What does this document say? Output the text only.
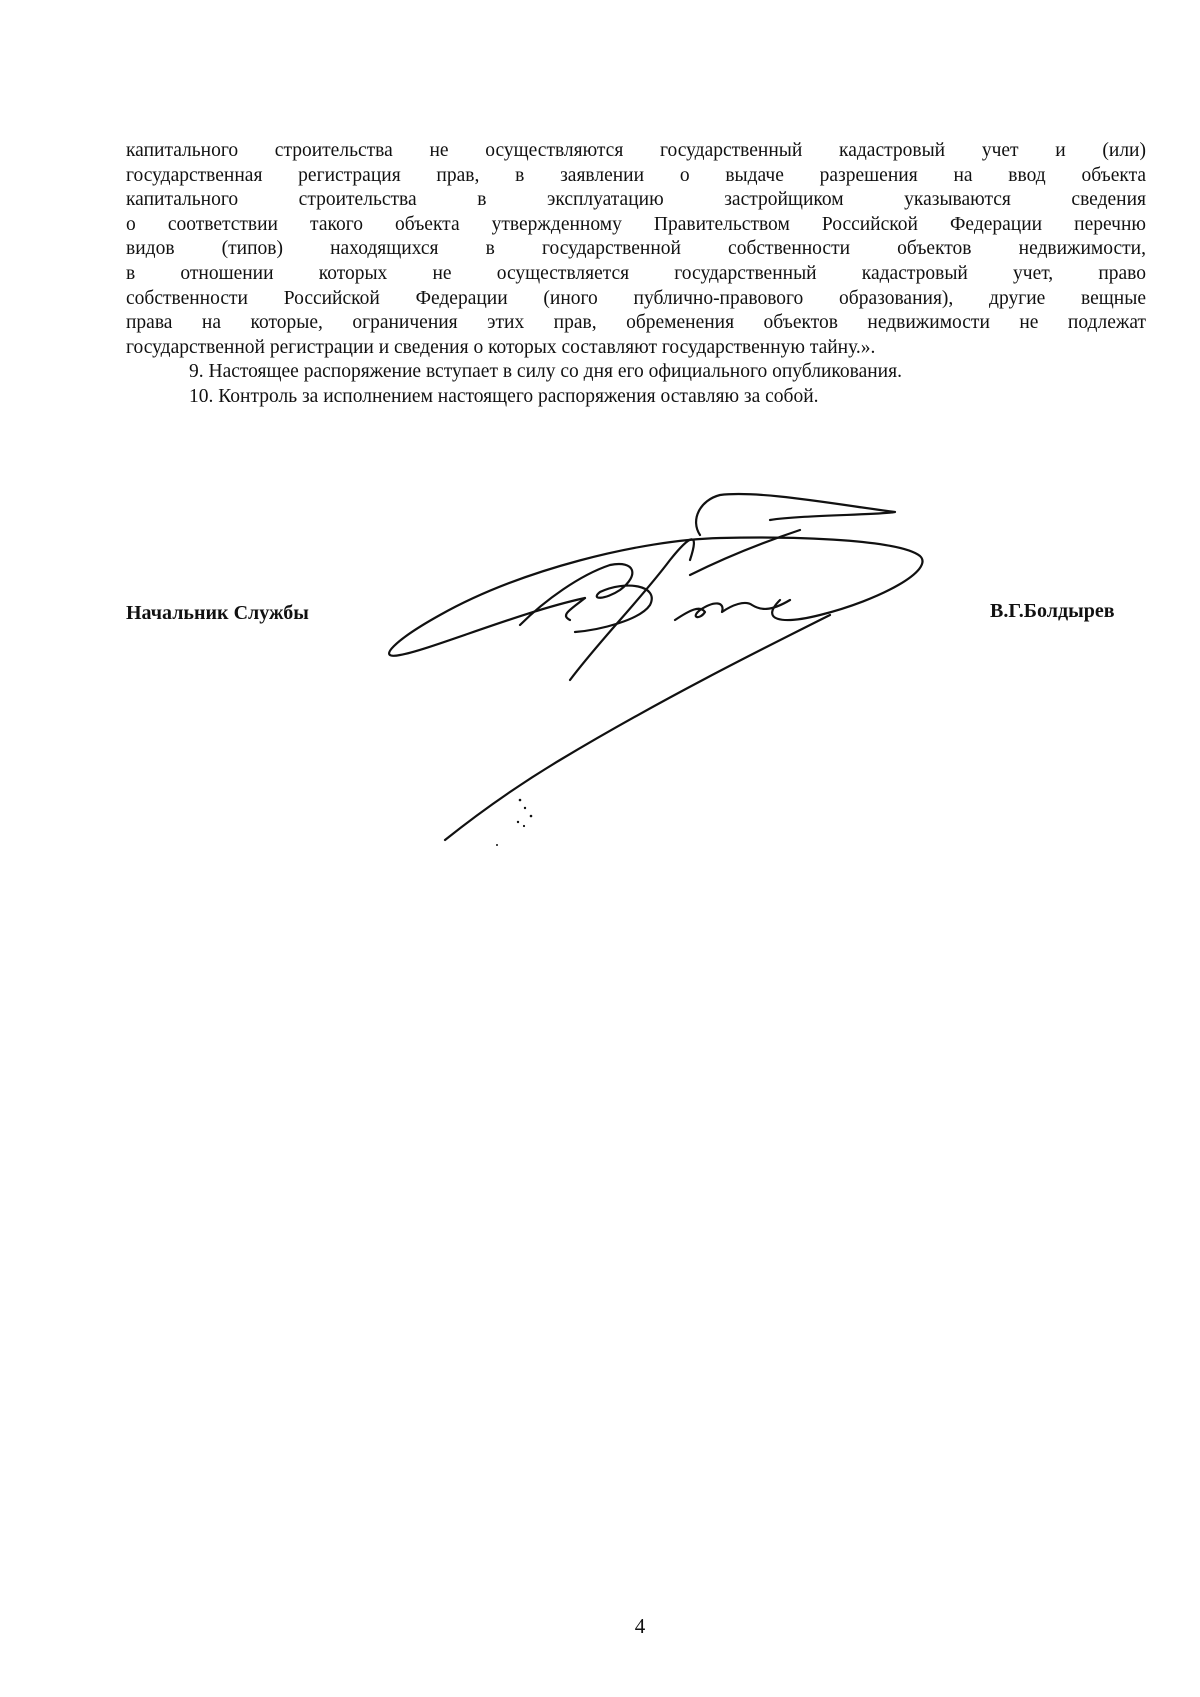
капитального строительства не осуществляются государственный кадастровый учет и (или)
государственная регистрация прав, в заявлении о выдаче разрешения на ввод объекта
капитального строительства в эксплуатацию застройщиком указываются сведения
о соответствии такого объекта утвержденному Правительством Российской Федерации перечню
видов (типов) находящихся в государственной собственности объектов недвижимости,
в отношении которых не осуществляется государственный кадастровый учет, право
собственности Российской Федерации (иного публично-правового образования), другие вещные
права на которые, ограничения этих прав, обременения объектов недвижимости не подлежат
государственной регистрации и сведения о которых составляют государственную тайну.».
9. Настоящее распоряжение вступает в силу со дня его официального опубликования.
10. Контроль за исполнением настоящего распоряжения оставляю за собой.
Начальник Службы	В.Г.Болдырев
4
